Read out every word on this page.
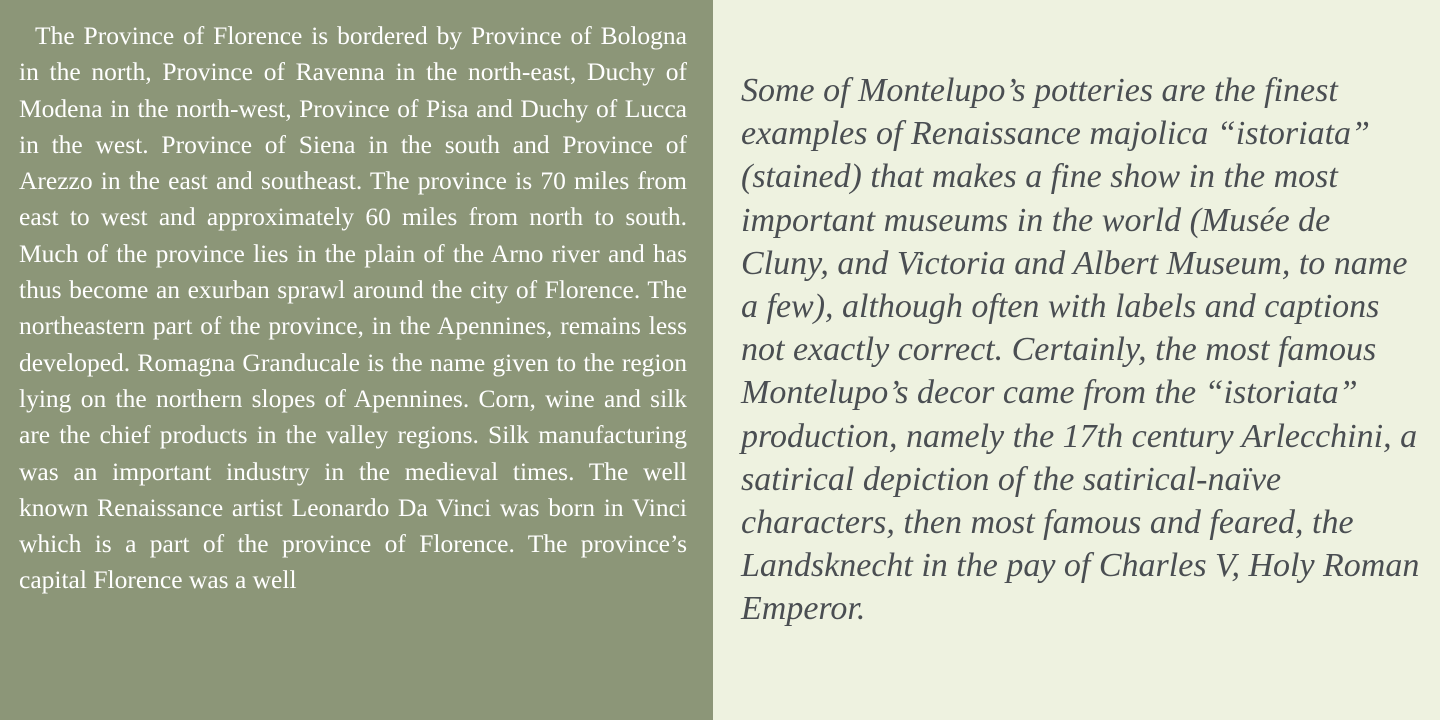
The Province of Florence is bordered by Province of Bologna in the north, Province of Ravenna in the north-east, Duchy of Modena in the north-west, Province of Pisa and Duchy of Lucca in the west. Province of Siena in the south and Province of Arezzo in the east and southeast. The province is 70 miles from east to west and approximately 60 miles from north to south. Much of the province lies in the plain of the Arno river and has thus become an exurban sprawl around the city of Florence. The northeastern part of the province, in the Apennines, remains less developed. Romagna Granducale is the name given to the region lying on the northern slopes of Apennines. Corn, wine and silk are the chief products in the valley regions. Silk manufacturing was an important industry in the medieval times. The well known Renaissance artist Leonardo Da Vinci was born in Vinci which is a part of the province of Florence. The province’s capital Florence was a well

Some of Montelupo’s potteries are the finest examples of Renaissance majolica “istoriata” (stained) that makes a fine show in the most important museums in the world (Musée de Cluny, and Victoria and Albert Museum, to name a few), although often with labels and captions not exactly correct. Certainly, the most famous Montelupo’s decor came from the “istoriata” production, namely the 17th century Arlecchini, a satirical depiction of the satirical-naïve characters, then most famous and feared, the Landsknecht in the pay of Charles V, Holy Roman Emperor.
